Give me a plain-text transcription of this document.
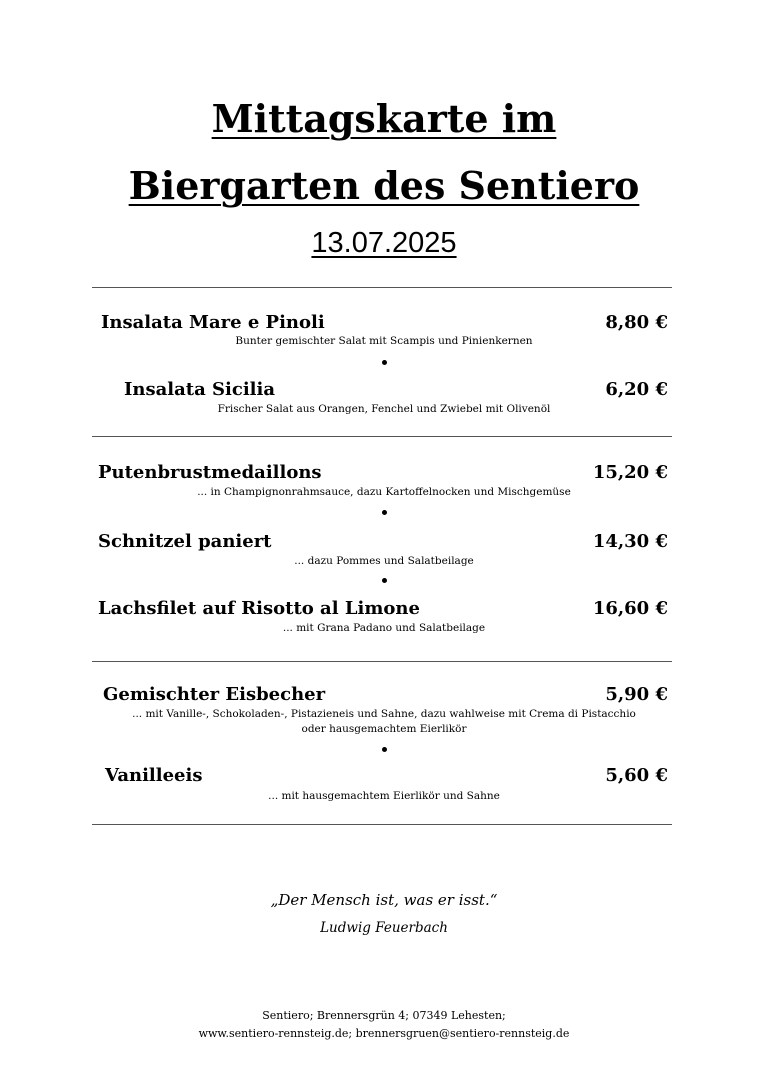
Mittagskarte im
Biergarten des Sentiero
13.07.2025
Insalata Mare e Pinoli	8,80 €
Bunter gemischter Salat mit Scampis und Pinienkernen
Insalata Sicilia	6,20 €
Frischer Salat aus Orangen, Fenchel und Zwiebel mit Olivenöl
Putenbrustmedaillons	15,20 €
... in Champignonrahmsauce, dazu Kartoffelnocken und Mischgemüse
Schnitzel paniert	14,30 €
... dazu Pommes und Salatbeilage
Lachsfilet auf Risotto al Limone	16,60 €
... mit Grana Padano und Salatbeilage
Gemischter Eisbecher	5,90 €
... mit Vanille-, Schokoladen-, Pistazieneis und Sahne, dazu wahlweise mit Crema di Pistacchio
oder hausgemachtem Eierlikör
Vanilleeis	5,60 €
... mit hausgemachtem Eierlikör und Sahne
„Der Mensch ist, was er isst.“
Ludwig Feuerbach
Sentiero; Brennersgrün 4; 07349 Lehesten;
www.sentiero-rennsteig.de; brennersgruen@sentiero-rennsteig.de
